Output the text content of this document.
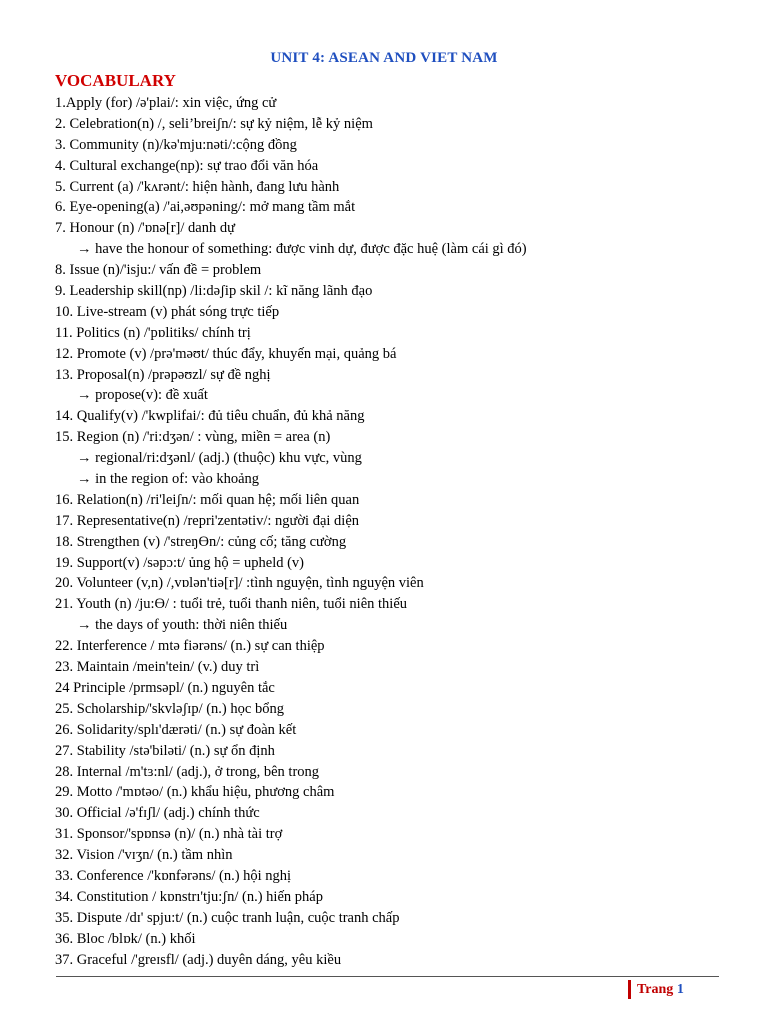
UNIT 4: ASEAN AND VIET NAM
VOCABULARY
1.Apply (for) /ə'plai/: xin việc, ứng cử
2. Celebration(n) /, seli’breiʃn/: sự kỷ niệm, lễ kỷ niệm
3. Community (n)/kə'mju:nəti/:cộng đồng
4. Cultural exchange(np): sự trao đổi văn hóa
5. Current (a) /'kʌrənt/: hiện hành, đang lưu hành
6. Eye-opening(a) /'ai,əʊpəning/: mở mang tầm mắt
7. Honour (n) /'ɒnə[r]/ danh dự
→ have the honour of something: được vinh dự, được đặc huệ (làm cái gì đó)
8. Issue (n)/'isju:/ vấn đề = problem
9. Leadership skill(np) /li:dəʃip skil /: kĩ năng lãnh đạo
10. Live-stream (v) phát sóng trực tiếp
11. Politics (n) /'pɒlitiks/ chính trị
12. Promote (v) /prə'məʊt/ thúc đẩy, khuyến mại, quảng bá
13. Proposal(n) /prəpəʊzl/ sự đề nghị
→ propose(v): đề xuất
14. Qualify(v) /'kwplifai/: đủ tiêu chuẩn, đủ khả năng
15. Region (n) /'ri:dʒən/ : vùng, miền = area (n)
→ regional/ri:dʒənl/ (adj.) (thuộc) khu vực, vùng
→ in the region of: vào khoảng
16. Relation(n) /ri'leiʃn/: mối quan hệ; mối liên quan
17. Representative(n) /repri'zentətiv/: người đại diện
18. Strengthen (v) /'streŋƟn/: củng cố; tăng cường
19. Support(v) /səpɔ:t/ ủng hộ = upheld (v)
20. Volunteer (v,n) /,vɒlən'tiə[r]/ :tình nguyện, tình nguyện viên
21. Youth (n) /ju:Ɵ/ : tuổi trẻ, tuổi thanh niên, tuổi niên thiếu
→ the days of youth: thời niên thiếu
22. Interference / mtə fiərəns/ (n.) sự can thiệp
23. Maintain /mein'tein/ (v.) duy trì
24 Principle /prmsəpl/ (n.) nguyên tắc
25. Scholarship/'skvləʃɪp/ (n.) học bổng
26. Solidarity/splı'dærəti/ (n.) sự đoàn kết
27. Stability /stə'biləti/ (n.) sự ổn định
28. Internal /m'tɜ:nl/ (adj.), ở trong, bên trong
29. Motto /'mɒtəo/ (n.) khẩu hiệu, phương châm
30. Official /ə'fɪʃl/ (adj.) chính thức
31. Sponsor/'spɒnsə (n)/ (n.) nhà tài trợ
32. Vision /'vɪʒn/ (n.) tầm nhìn
33. Conference /'kɒnfərəns/ (n.) hội nghị
34. Constitution / kɒnstrı'tju:ʃn/ (n.) hiến pháp
35. Dispute /dɪ' spju:t/ (n.) cuộc tranh luận, cuộc tranh chấp
36. Bloc /blɒk/ (n.) khối
37. Graceful /'greɪsfl/ (adj.) duyên dáng, yêu kiều
Trang 1
